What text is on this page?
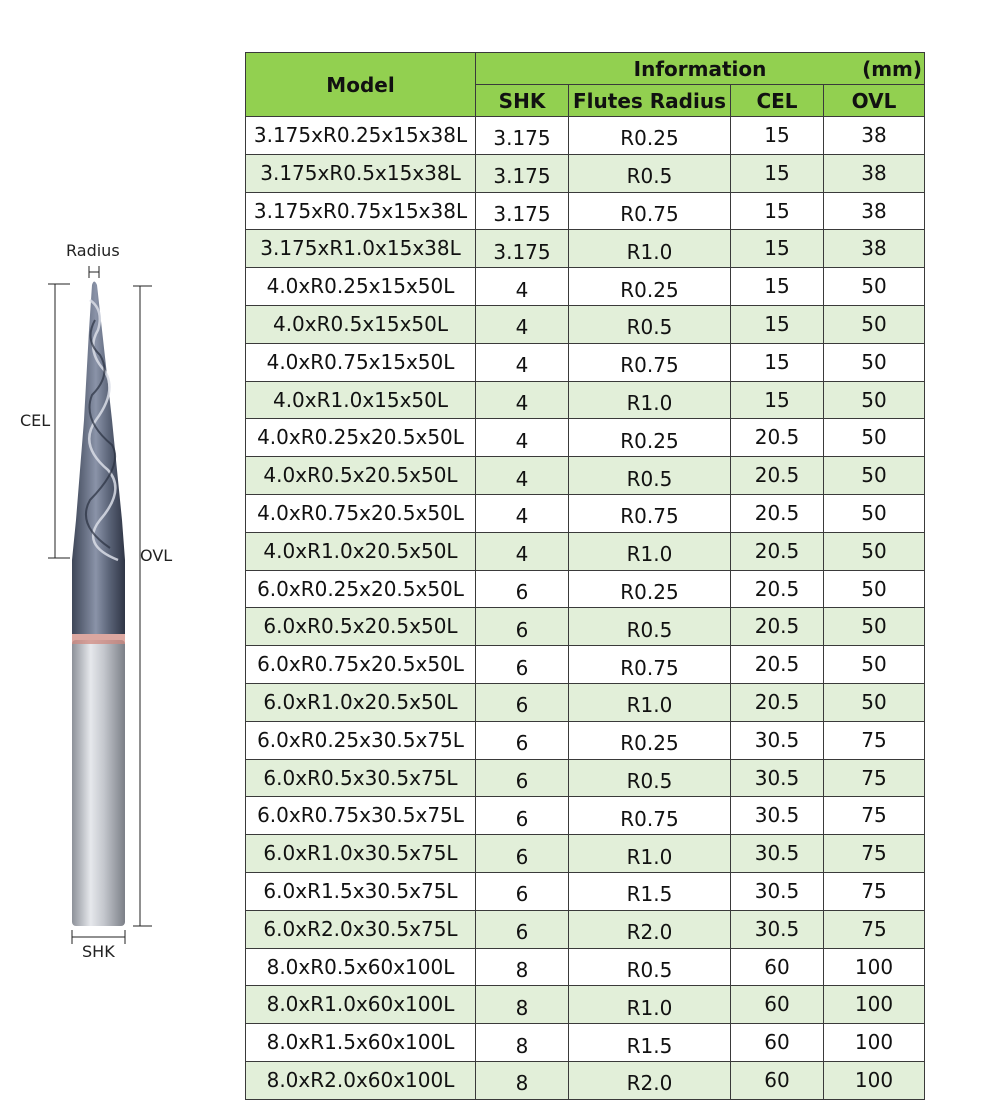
Radius
CEL
OVL
SHK
Model	Information (mm)			

	SHK	Flutes Radius	CEL	OVL
3.175xR0.25x15x38L	3.175	R0.25	15	38
3.175xR0.5x15x38L	3.175	R0.5	15	38
3.175xR0.75x15x38L	3.175	R0.75	15	38
3.175xR1.0x15x38L	3.175	R1.0	15	38
4.0xR0.25x15x50L	4	R0.25	15	50
4.0xR0.5x15x50L	4	R0.5	15	50
4.0xR0.75x15x50L	4	R0.75	15	50
4.0xR1.0x15x50L	4	R1.0	15	50
4.0xR0.25x20.5x50L	4	R0.25	20.5	50
4.0xR0.5x20.5x50L	4	R0.5	20.5	50
4.0xR0.75x20.5x50L	4	R0.75	20.5	50
4.0xR1.0x20.5x50L	4	R1.0	20.5	50
6.0xR0.25x20.5x50L	6	R0.25	20.5	50
6.0xR0.5x20.5x50L	6	R0.5	20.5	50
6.0xR0.75x20.5x50L	6	R0.75	20.5	50
6.0xR1.0x20.5x50L	6	R1.0	20.5	50
6.0xR0.25x30.5x75L	6	R0.25	30.5	75
6.0xR0.5x30.5x75L	6	R0.5	30.5	75
6.0xR0.75x30.5x75L	6	R0.75	30.5	75
6.0xR1.0x30.5x75L	6	R1.0	30.5	75
6.0xR1.5x30.5x75L	6	R1.5	30.5	75
6.0xR2.0x30.5x75L	6	R2.0	30.5	75
8.0xR0.5x60x100L	8	R0.5	60	100
8.0xR1.0x60x100L	8	R1.0	60	100
8.0xR1.5x60x100L	8	R1.5	60	100
8.0xR2.0x60x100L	8	R2.0	60	100
